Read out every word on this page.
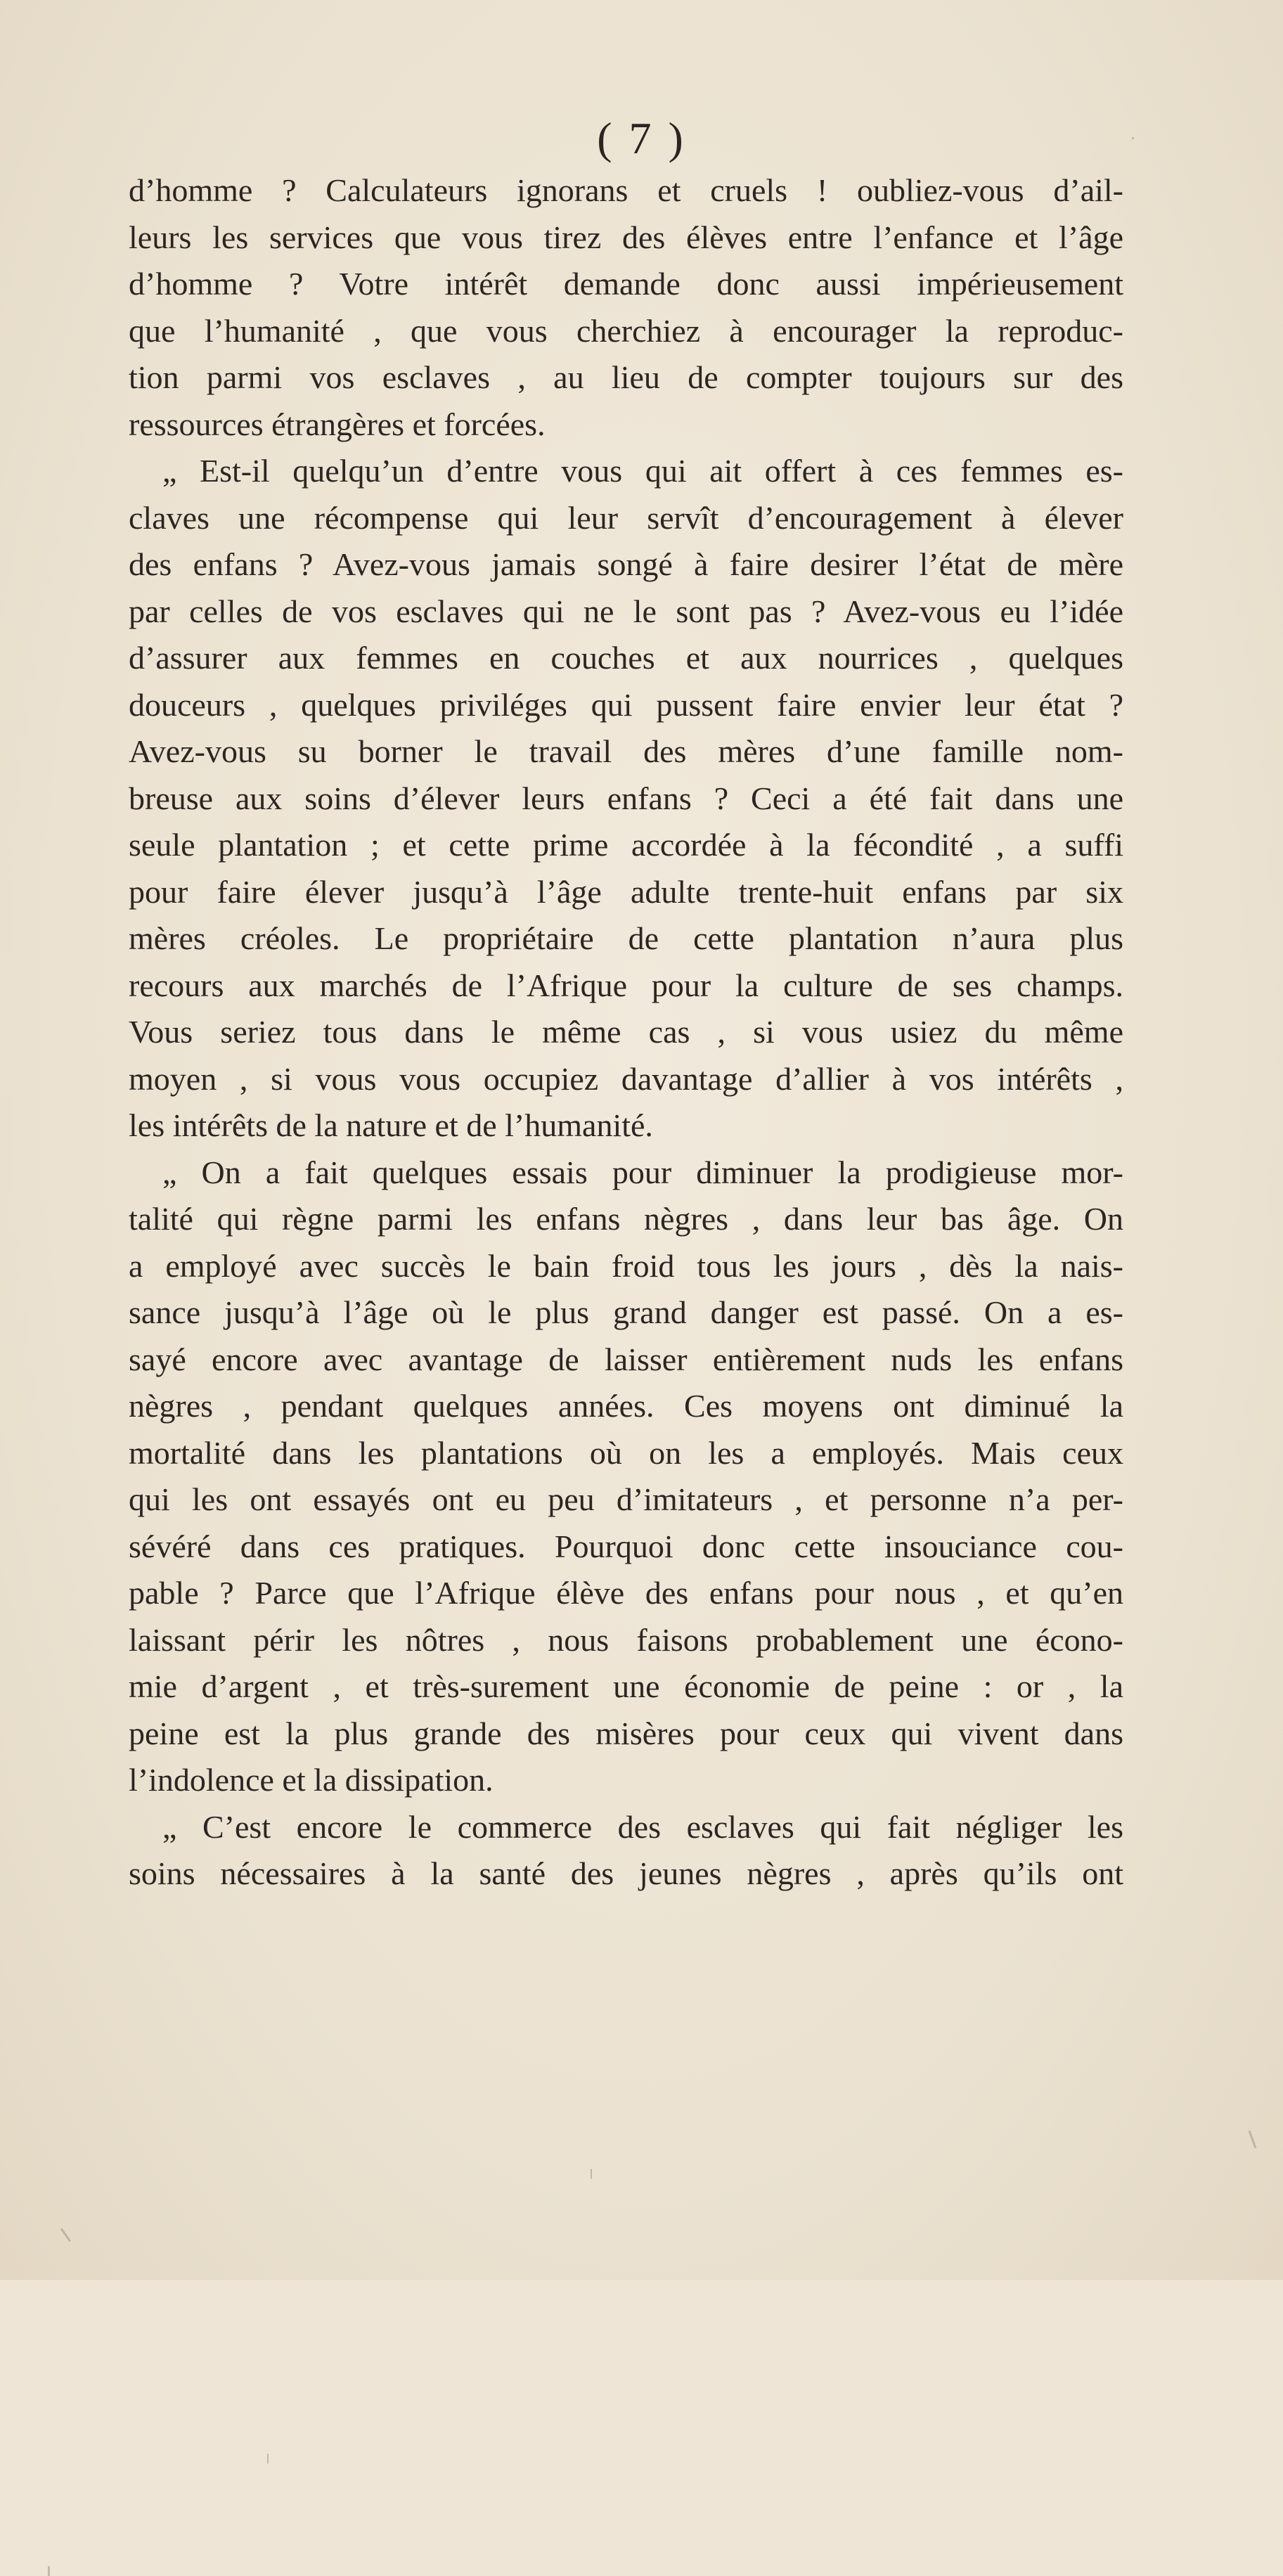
( 7 )
d’homme ? Calculateurs ignorans et cruels ! oubliez-vous d’ail-
leurs les services que vous tirez des élèves entre l’enfance et l’âge
d’homme ? Votre intérêt demande donc aussi impérieusement
que l’humanité , que vous cherchiez à encourager la reproduc-
tion parmi vos esclaves , au lieu de compter toujours sur des
ressources étrangères et forcées.
„ Est-il quelqu’un d’entre vous qui ait offert à ces femmes es-
claves une récompense qui leur servît d’encouragement à élever
des enfans ? Avez-vous jamais songé à faire desirer l’état de mère
par celles de vos esclaves qui ne le sont pas ? Avez-vous eu l’idée
d’assurer aux femmes en couches et aux nourrices , quelques
douceurs , quelques priviléges qui pussent faire envier leur état ?
Avez-vous su borner le travail des mères d’une famille nom-
breuse aux soins d’élever leurs enfans ? Ceci a été fait dans une
seule plantation ; et cette prime accordée à la fécondité , a suffi
pour faire élever jusqu’à l’âge adulte trente-huit enfans par six
mères créoles. Le propriétaire de cette plantation n’aura plus
recours aux marchés de l’Afrique pour la culture de ses champs.
Vous seriez tous dans le même cas , si vous usiez du même
moyen , si vous vous occupiez davantage d’allier à vos intérêts ,
les intérêts de la nature et de l’humanité.
„ On a fait quelques essais pour diminuer la prodigieuse mor-
talité qui règne parmi les enfans nègres , dans leur bas âge. On
a employé avec succès le bain froid tous les jours , dès la nais-
sance jusqu’à l’âge où le plus grand danger est passé. On a es-
sayé encore avec avantage de laisser entièrement nuds les enfans
nègres , pendant quelques années. Ces moyens ont diminué la
mortalité dans les plantations où on les a employés. Mais ceux
qui les ont essayés ont eu peu d’imitateurs , et personne n’a per-
sévéré dans ces pratiques. Pourquoi donc cette insouciance cou-
pable ? Parce que l’Afrique élève des enfans pour nous , et qu’en
laissant périr les nôtres , nous faisons probablement une écono-
mie d’argent , et très-surement une économie de peine : or , la
peine est la plus grande des misères pour ceux qui vivent dans
l’indolence et la dissipation.
„ C’est encore le commerce des esclaves qui fait négliger les
soins nécessaires à la santé des jeunes nègres , après qu’ils ont
